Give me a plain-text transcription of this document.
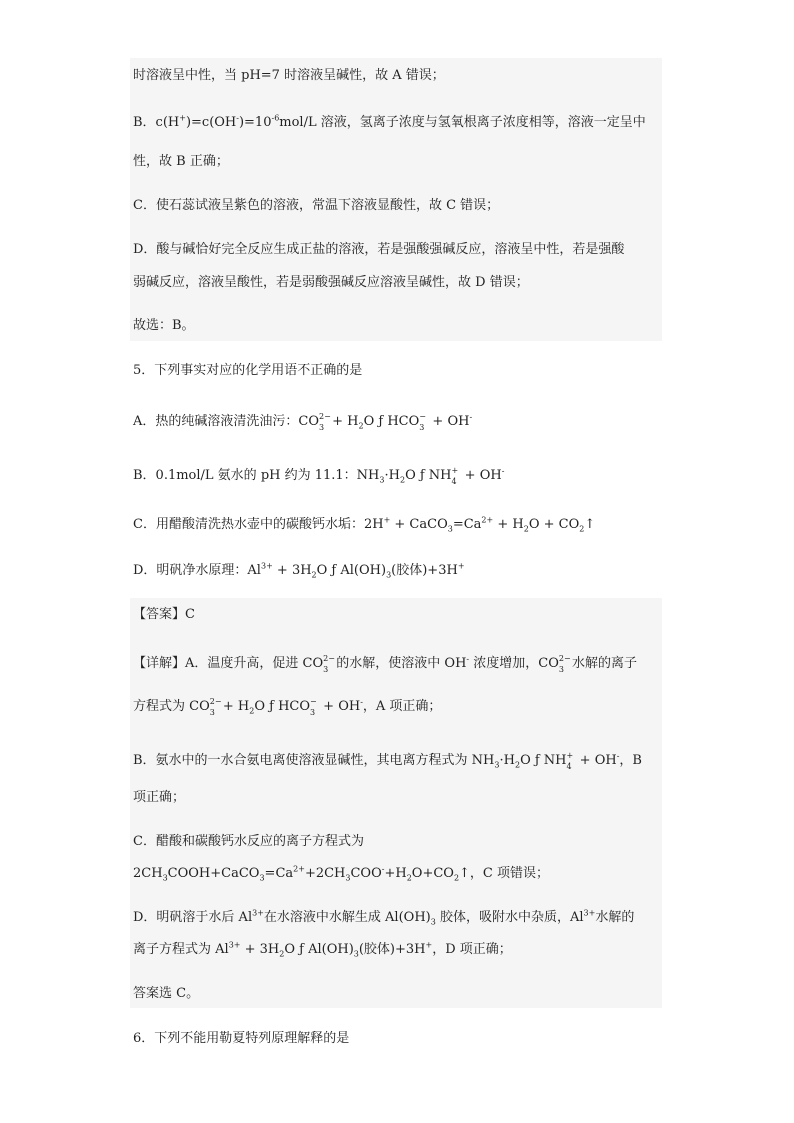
时溶液呈中性，当 pH=7 时溶液呈碱性，故 A 错误；
B．$c(H^+)=c(OH^-)=10^{-6}mol/L$ 溶液，氢离子浓度与氢氧根离子浓度相等，溶液一定呈中
性，故 B 正确；
C．使石蕊试液呈紫色的溶液，常温下溶液显酸性，故 C 错误；
D．酸与碱恰好完全反应生成正盐的溶液，若是强酸强碱反应，溶液呈中性，若是强酸
弱碱反应，溶液呈酸性，若是弱酸强碱反应溶液呈碱性，故 D 错误；
故选：B。
5．下列事实对应的化学用语不正确的是
A．热的纯碱溶液清洗油污：CO 2−
$3 + H_2O$ ƒ HCO −
3 + OH-
B．0.1mol/L 氨水的 pH 约为 11.1：$NH_3\cdot H_2O$ ƒ NH +
4 + OH-
C．用醋酸清洗热水壶中的碳酸钙水垢：$2H^+ + CaCO_3=Ca^{2+} + H_2O$ + $CO_2↑$
D．明矾净水原理：$Al^{3+} + 3H_2O$ ƒ $Al(OH)_3$(胶体)+3H+
【答案】C
【详解】A．温度升高，促进 CO 2−
3 的水解，使溶液中 OH- 浓度增加，CO 2−
3 水解的离子
方程式为 CO 2−
$3 + H_2O$ ƒ HCO −
3 + OH-，A 项正确；
B．氨水中的一水合氨电离使溶液显碱性，其电离方程式为 $NH_3\cdot H_2O$ ƒ NH +
4 + OH-，B
项正确；
C．醋酸和碳酸钙水反应的离子方程式为
$2CH_3COOH+CaCO_3=Ca^{2+}+2CH_3COO^-+H_2O+CO_2↑$，C 项错误；
D．明矾溶于水后 $Al^{3+}$在水溶液中水解生成 $Al(OH)_3$ 胶体，吸附水中杂质，$Al^{3+}$水解的
离子方程式为 $Al^{3+} + 3H_2O$ ƒ $Al(OH)_3$(胶体)+3H+，D 项正确；
答案选 C。
6．下列不能用勒夏特列原理解释的是
